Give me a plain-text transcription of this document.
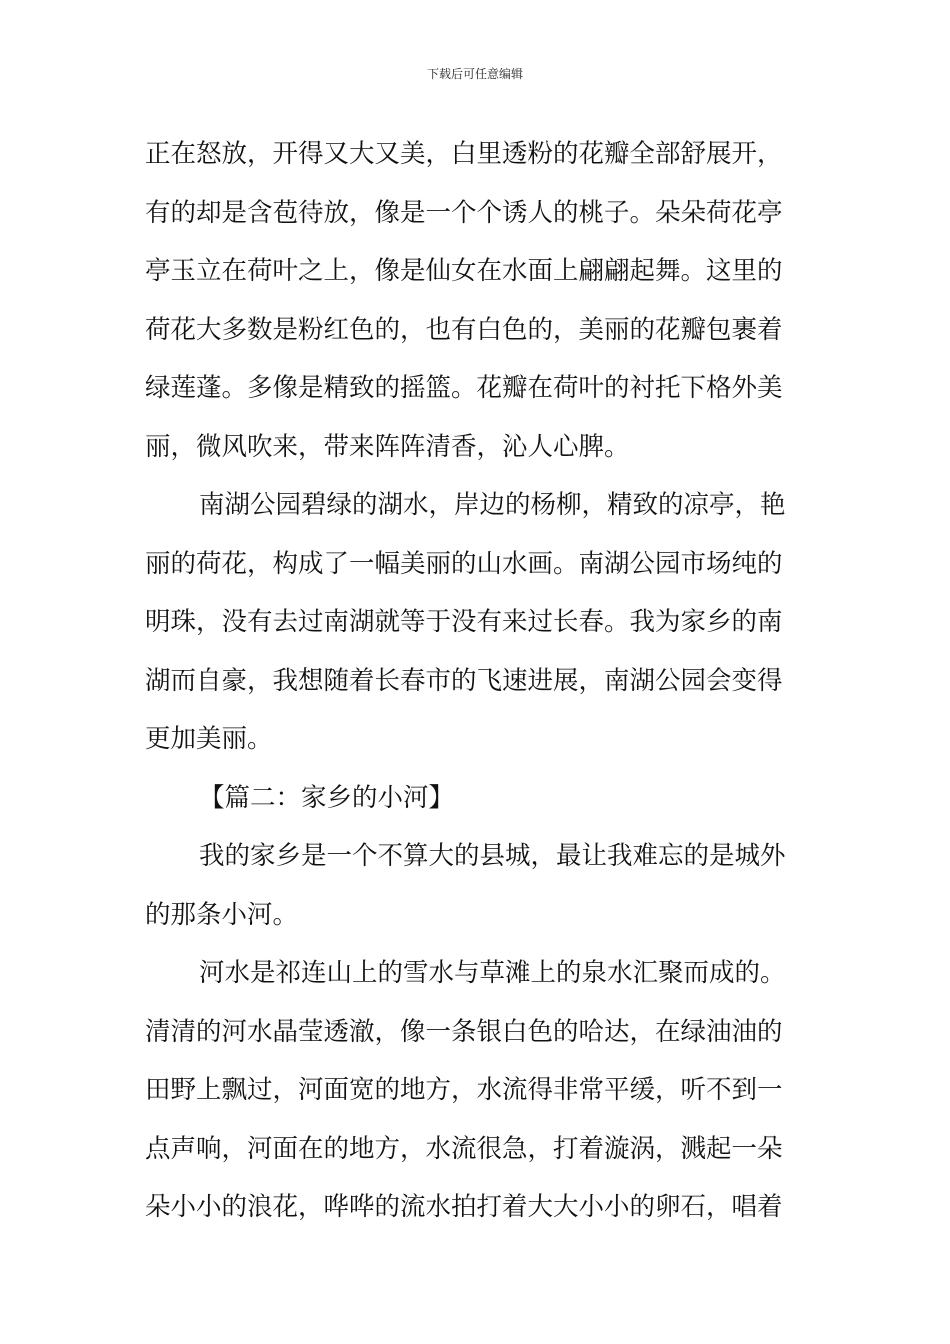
下载后可任意编辑
正在怒放，开得又大又美，白里透粉的花瓣全部舒展开，
有的却是含苞待放，像是一个个诱人的桃子。朵朵荷花亭
亭玉立在荷叶之上，像是仙女在水面上翩翩起舞。这里的
荷花大多数是粉红色的，也有白色的，美丽的花瓣包裹着
绿莲蓬。多像是精致的摇篮。花瓣在荷叶的衬托下格外美
丽，微风吹来，带来阵阵清香，沁人心脾。
南湖公园碧绿的湖水，岸边的杨柳，精致的凉亭，艳
丽的荷花，构成了一幅美丽的山水画。南湖公园市场纯的
明珠，没有去过南湖就等于没有来过长春。我为家乡的南
湖而自豪，我想随着长春市的飞速进展，南湖公园会变得
更加美丽。
【篇二：家乡的小河】
我的家乡是一个不算大的县城，最让我难忘的是城外
的那条小河。
河水是祁连山上的雪水与草滩上的泉水汇聚而成的。
清清的河水晶莹透澈，像一条银白色的哈达，在绿油油的
田野上飘过，河面宽的地方，水流得非常平缓，听不到一
点声响，河面在的地方，水流很急，打着漩涡，溅起一朵
朵小小的浪花，哗哗的流水拍打着大大小小的卵石，唱着
